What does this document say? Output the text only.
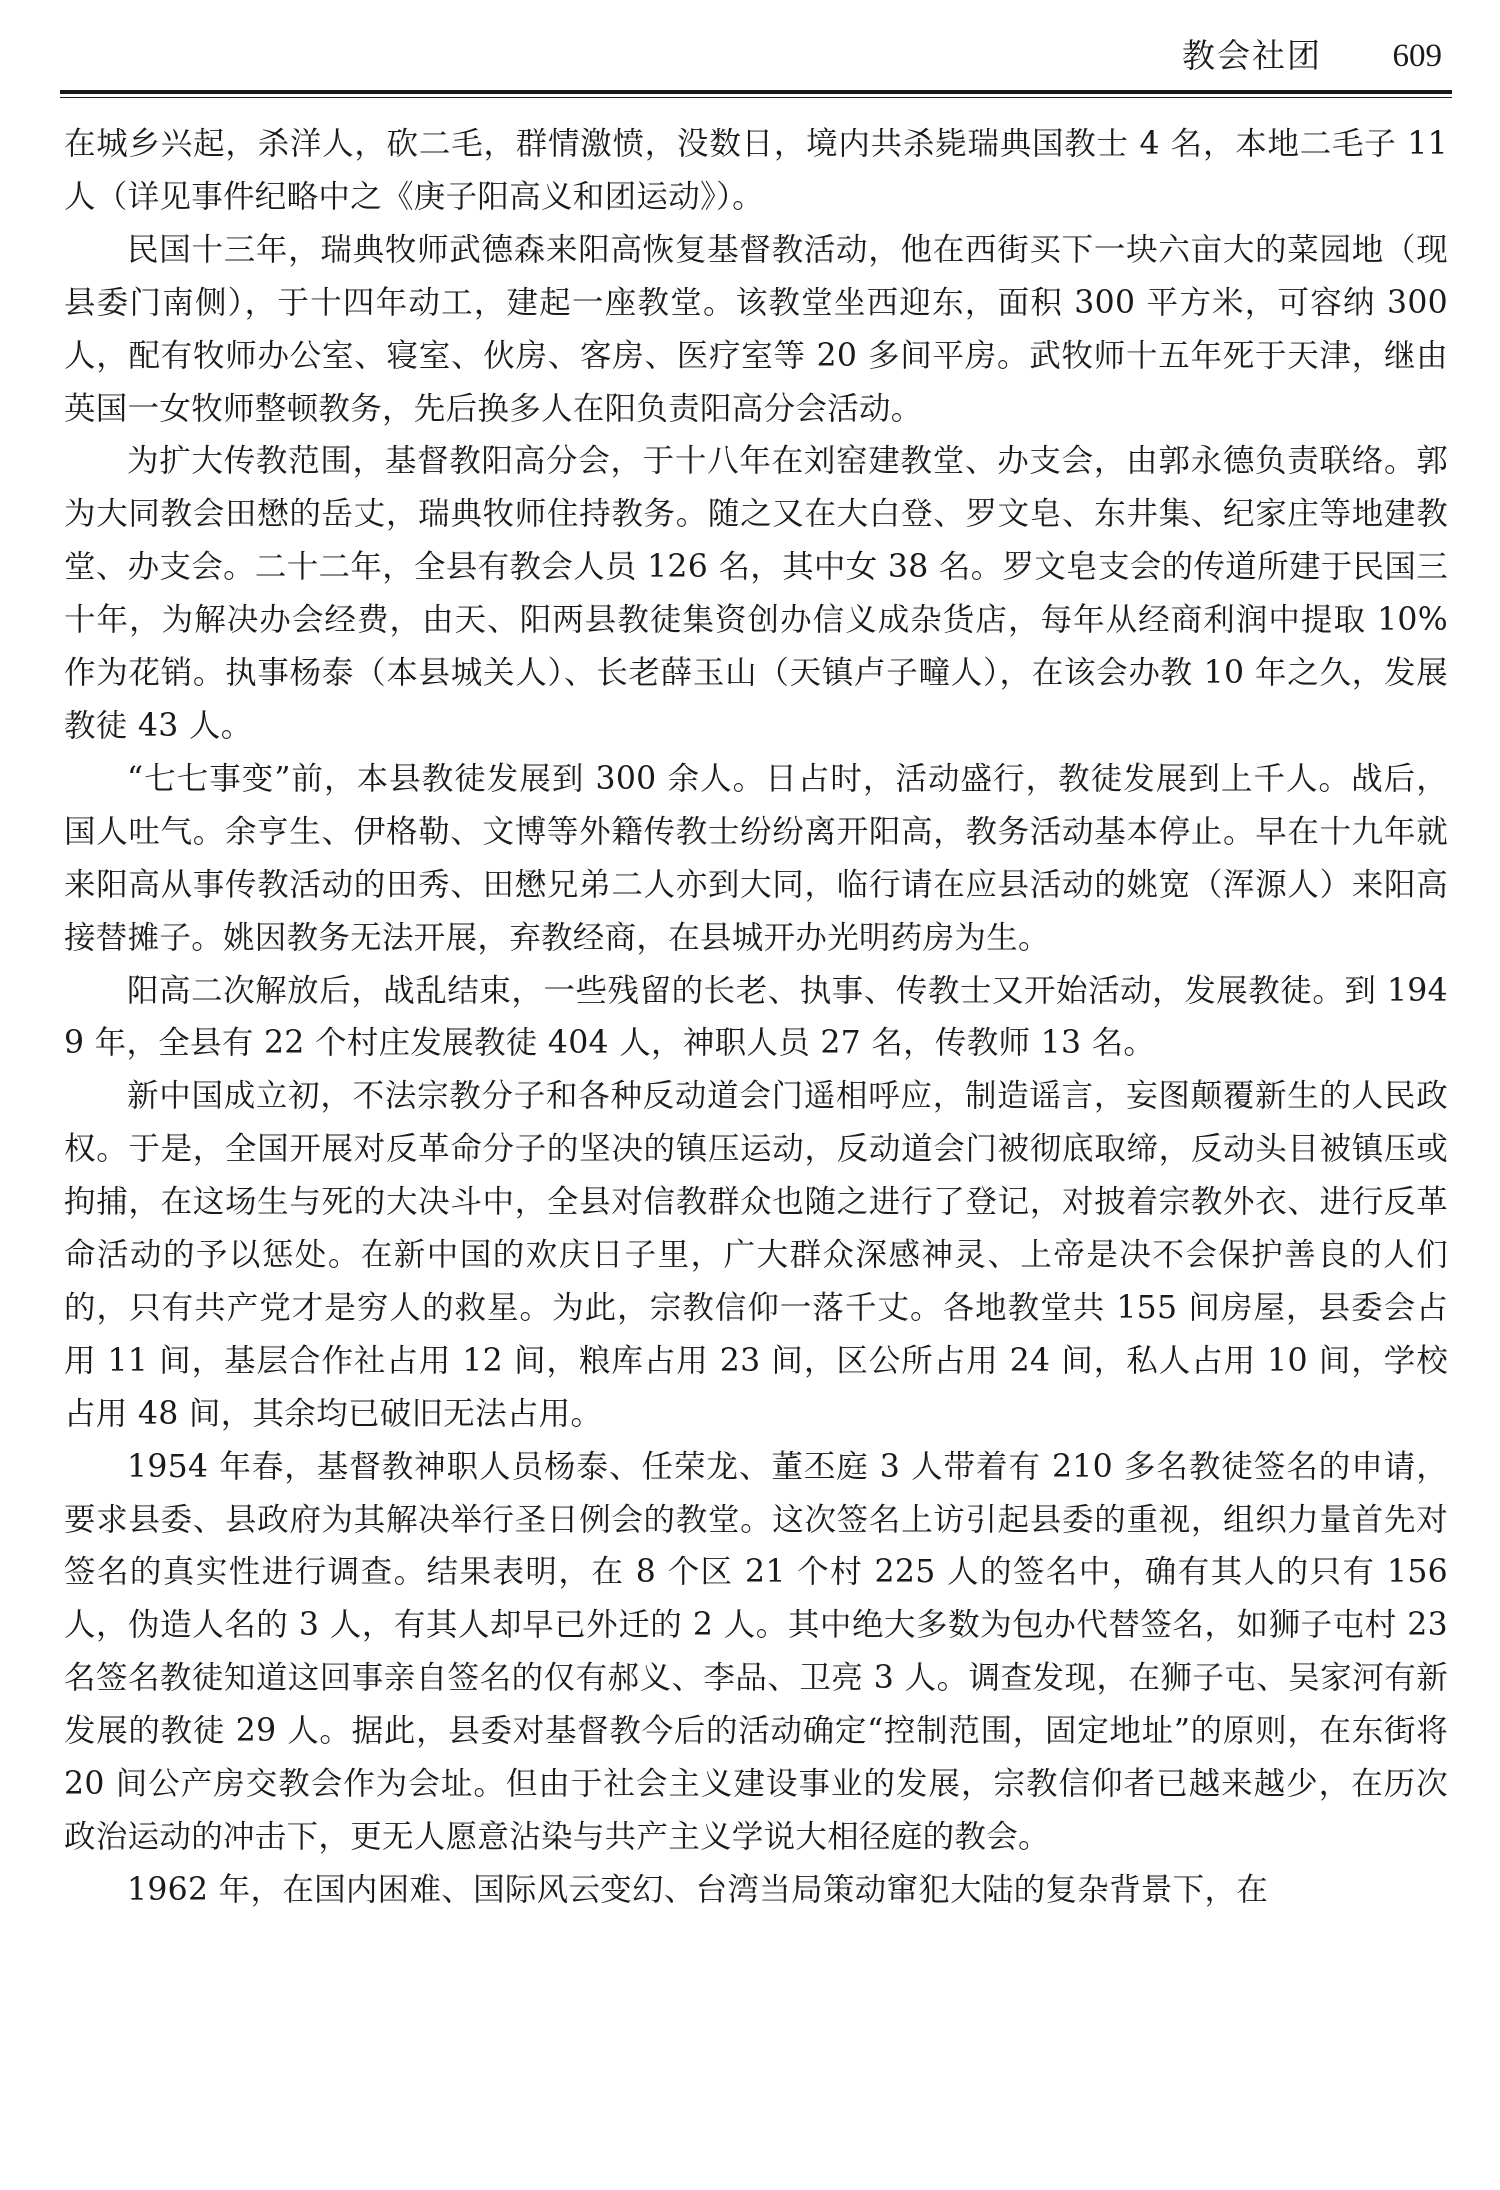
教会社团 609

在城乡兴起，杀洋人，砍二毛，群情激愤，没数日，境内共杀毙瑞典国教士 4 名，本地二毛子 11 人（详见事件纪略中之《庚子阳高义和团运动》）。

民国十三年，瑞典牧师武德森来阳高恢复基督教活动，他在西街买下一块六亩大的菜园地（现县委门南侧），于十四年动工，建起一座教堂。该教堂坐西迎东，面积 300 平方米，可容纳 300 人，配有牧师办公室、寝室、伙房、客房、医疗室等 20 多间平房。武牧师十五年死于天津，继由英国一女牧师整顿教务，先后换多人在阳负责阳高分会活动。

为扩大传教范围，基督教阳高分会，于十八年在刘窑建教堂、办支会，由郭永德负责联络。郭为大同教会田懋的岳丈，瑞典牧师住持教务。随之又在大白登、罗文皂、东井集、纪家庄等地建教堂、办支会。二十二年，全县有教会人员 126 名，其中女 38 名。罗文皂支会的传道所建于民国三十年，为解决办会经费，由天、阳两县教徒集资创办信义成杂货店，每年从经商利润中提取 10% 作为花销。执事杨泰（本县城关人）、长老薛玉山（天镇卢子疃人），在该会办教 10 年之久，发展教徒 43 人。

“七七事变”前，本县教徒发展到 300 余人。日占时，活动盛行，教徒发展到上千人。战后，国人吐气。余亨生、伊格勒、文博等外籍传教士纷纷离开阳高，教务活动基本停止。早在十九年就来阳高从事传教活动的田秀、田懋兄弟二人亦到大同，临行请在应县活动的姚宽（浑源人）来阳高接替摊子。姚因教务无法开展，弃教经商，在县城开办光明药房为生。

阳高二次解放后，战乱结束，一些残留的长老、执事、传教士又开始活动，发展教徒。到 1949 年，全县有 22 个村庄发展教徒 404 人，神职人员 27 名，传教师 13 名。

新中国成立初，不法宗教分子和各种反动道会门遥相呼应，制造谣言，妄图颠覆新生的人民政权。于是，全国开展对反革命分子的坚决的镇压运动，反动道会门被彻底取缔，反动头目被镇压或拘捕，在这场生与死的大决斗中，全县对信教群众也随之进行了登记，对披着宗教外衣、进行反革命活动的予以惩处。在新中国的欢庆日子里，广大群众深感神灵、上帝是决不会保护善良的人们的，只有共产党才是穷人的救星。为此，宗教信仰一落千丈。各地教堂共 155 间房屋，县委会占用 11 间，基层合作社占用 12 间，粮库占用 23 间，区公所占用 24 间，私人占用 10 间，学校占用 48 间，其余均已破旧无法占用。

1954 年春，基督教神职人员杨泰、任荣龙、董丕庭 3 人带着有 210 多名教徒签名的申请，要求县委、县政府为其解决举行圣日例会的教堂。这次签名上访引起县委的重视，组织力量首先对签名的真实性进行调查。结果表明，在 8 个区 21 个村 225 人的签名中，确有其人的只有 156 人，伪造人名的 3 人，有其人却早已外迁的 2 人。其中绝大多数为包办代替签名，如狮子屯村 23 名签名教徒知道这回事亲自签名的仅有郝义、李品、卫亮 3 人。调查发现，在狮子屯、吴家河有新发展的教徒 29 人。据此，县委对基督教今后的活动确定“控制范围，固定地址”的原则，在东街将 20 间公产房交教会作为会址。但由于社会主义建设事业的发展，宗教信仰者已越来越少，在历次政治运动的冲击下，更无人愿意沾染与共产主义学说大相径庭的教会。

1962 年，在国内困难、国际风云变幻、台湾当局策动窜犯大陆的复杂背景下，在
